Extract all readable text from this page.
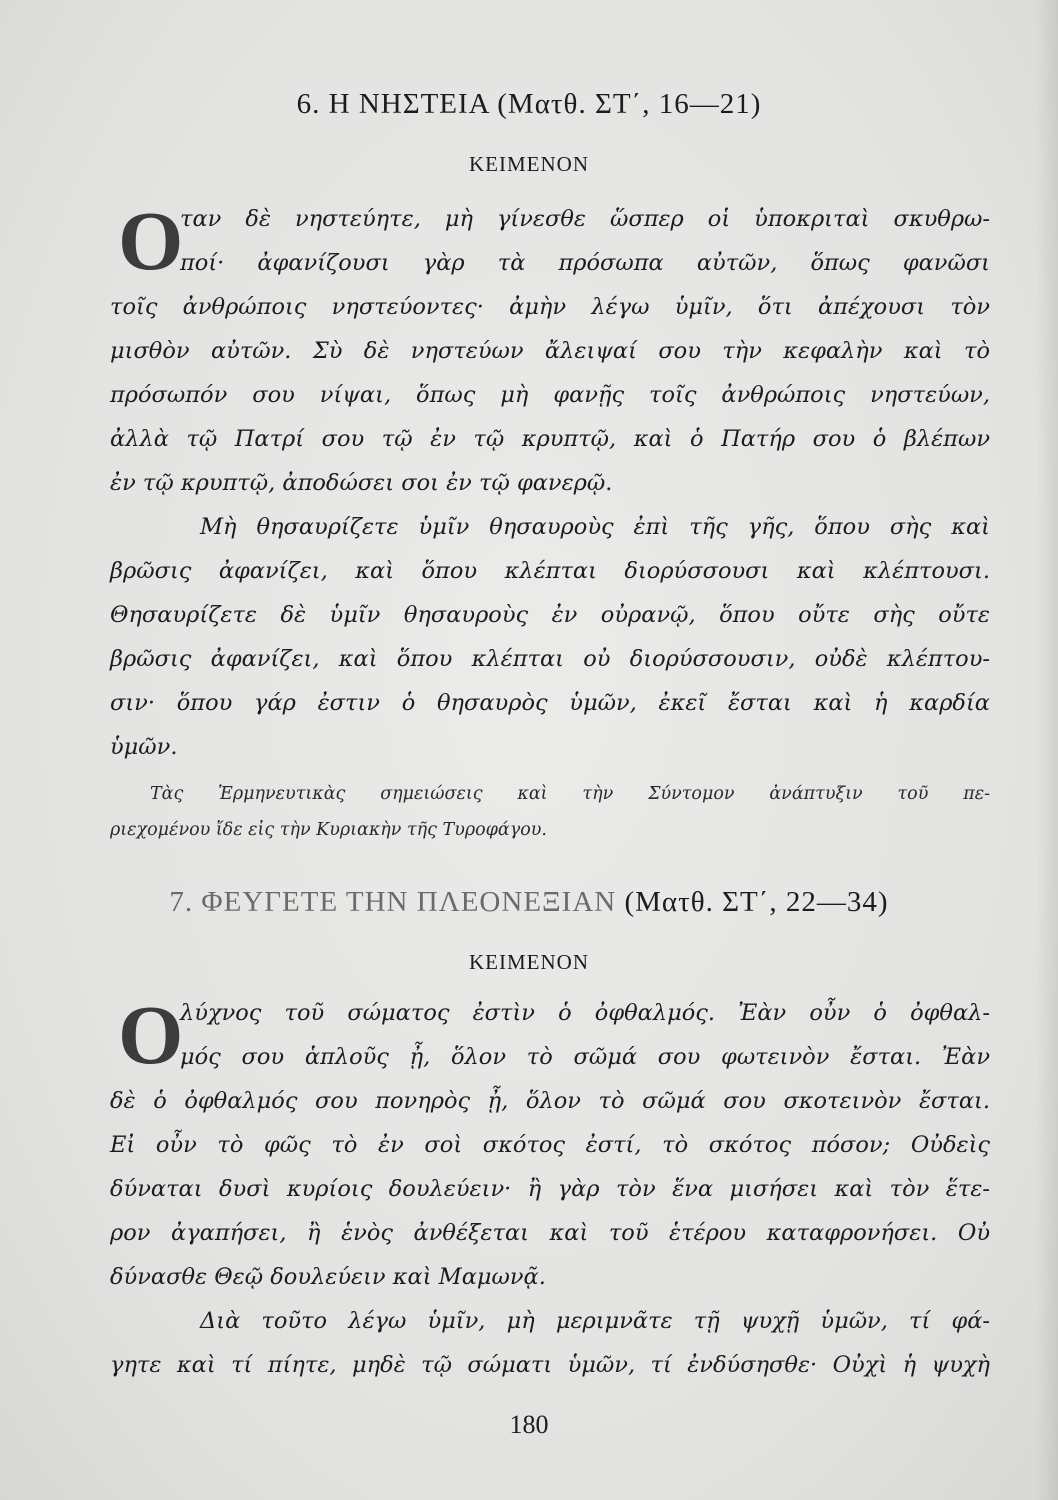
6. Η ΝΗΣΤΕΙΑ (Ματθ. ΣΤ΄, 16—21)
ΚΕΙΜΕΝΟΝ
Ο
ταν δὲ νηστεύητε, μὴ γίνεσθε ὥσπερ οἱ ὑποκριταὶ σκυθρω-
ποί· ἀφανίζουσι γὰρ τὰ πρόσωπα αὐτῶν, ὅπως φανῶσι
τοῖς ἀνθρώποις νηστεύοντες· ἀμὴν λέγω ὑμῖν, ὅτι ἀπέχουσι τὸν
μισθὸν αὐτῶν. Σὺ δὲ νηστεύων ἄλειψαί σου τὴν κεφαλὴν καὶ τὸ
πρόσωπόν σου νίψαι, ὅπως μὴ φανῇς τοῖς ἀνθρώποις νηστεύων,
ἀλλὰ τῷ Πατρί σου τῷ ἐν τῷ κρυπτῷ, καὶ ὁ Πατήρ σου ὁ βλέπων
ἐν τῷ κρυπτῷ, ἀποδώσει σοι ἐν τῷ φανερῷ.
Μὴ θησαυρίζετε ὑμῖν θησαυροὺς ἐπὶ τῆς γῆς, ὅπου σὴς καὶ
βρῶσις ἀφανίζει, καὶ ὅπου κλέπται διορύσσουσι καὶ κλέπτουσι.
Θησαυρίζετε δὲ ὑμῖν θησαυροὺς ἐν οὐρανῷ, ὅπου οὔτε σὴς οὔτε
βρῶσις ἀφανίζει, καὶ ὅπου κλέπται οὐ διορύσσουσιν, οὐδὲ κλέπτου-
σιν· ὅπου γάρ ἐστιν ὁ θησαυρὸς ὑμῶν, ἐκεῖ ἔσται καὶ ἡ καρδία
ὑμῶν.
Τὰς Ἑρμηνευτικὰς σημειώσεις καὶ τὴν Σύντομον ἀνάπτυξιν τοῦ πε-
ριεχομένου ἴδε εἰς τὴν Κυριακὴν τῆς Τυροφάγου.
7. ΦΕΥΓΕΤΕ ΤΗΝ ΠΛΕΟΝΕΞΙΑΝ (Ματθ. ΣΤ΄, 22—34)
ΚΕΙΜΕΝΟΝ
Ο
λύχνος τοῦ σώματος ἐστὶν ὁ ὀφθαλμός. Ἐὰν οὖν ὁ ὀφθαλ-
μός σου ἁπλοῦς ᾖ, ὅλον τὸ σῶμά σου φωτεινὸν ἔσται. Ἐὰν
δὲ ὁ ὀφθαλμός σου πονηρὸς ᾖ, ὅλον τὸ σῶμά σου σκοτεινὸν ἔσται.
Εἰ οὖν τὸ φῶς τὸ ἐν σοὶ σκότος ἐστί, τὸ σκότος πόσον; Οὐδεὶς
δύναται δυσὶ κυρίοις δουλεύειν· ἢ γὰρ τὸν ἕνα μισήσει καὶ τὸν ἕτε-
ρον ἀγαπήσει, ἢ ἑνὸς ἀνθέξεται καὶ τοῦ ἑτέρου καταφρονήσει. Οὐ
δύνασθε Θεῷ δουλεύειν καὶ Μαμωνᾷ.
Διὰ τοῦτο λέγω ὑμῖν, μὴ μεριμνᾶτε τῇ ψυχῇ ὑμῶν, τί φά-
γητε καὶ τί πίητε, μηδὲ τῷ σώματι ὑμῶν, τί ἐνδύσησθε· Οὐχὶ ἡ ψυχὴ
180
